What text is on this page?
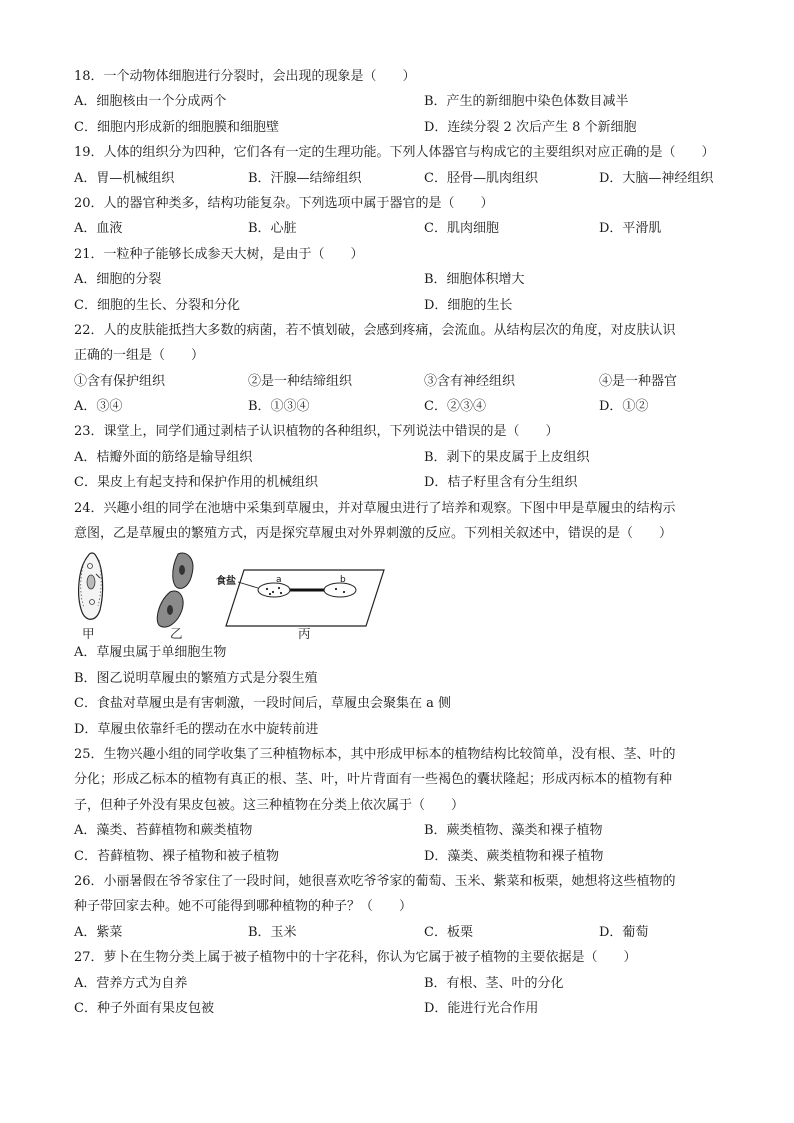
18．一个动物体细胞进行分裂时，会出现的现象是（　　）
A．细胞核由一个分成两个	B．产生的新细胞中染色体数目减半
C．细胞内形成新的细胞膜和细胞壁	D．连续分裂 2 次后产生 8 个新细胞
19．人体的组织分为四种，它们各有一定的生理功能。下列人体器官与构成它的主要组织对应正确的是（　　）
A．胃—机械组织	B．汗腺—结缔组织	C．胫骨—肌肉组织	D．大脑—神经组织
20．人的器官种类多，结构功能复杂。下列选项中属于器官的是（　　）
A．血液	B．心脏	C．肌肉细胞	D．平滑肌
21．一粒种子能够长成参天大树，是由于（　　）
A．细胞的分裂	B．细胞体积增大
C．细胞的生长、分裂和分化	D．细胞的生长
22．人的皮肤能抵挡大多数的病菌，若不慎划破，会感到疼痛，会流血。从结构层次的角度，对皮肤认识
正确的一组是（　　）
①含有保护组织	②是一种结缔组织	③含有神经组织	④是一种器官
A．③④	B．①③④	C．②③④	D．①②
23．课堂上，同学们通过剥桔子认识植物的各种组织，下列说法中错误的是（　　）
A．桔瓣外面的筋络是输导组织	B．剥下的果皮属于上皮组织
C．果皮上有起支持和保护作用的机械组织	D．桔子籽里含有分生组织
24．兴趣小组的同学在池塘中采集到草履虫，并对草履虫进行了培养和观察。下图中甲是草履虫的结构示
意图，乙是草履虫的繁殖方式，丙是探究草履虫对外界刺激的反应。下列相关叙述中，错误的是（　　）
食盐	a	b
甲	乙	丙
A．草履虫属于单细胞生物
B．图乙说明草履虫的繁殖方式是分裂生殖
C．食盐对草履虫是有害刺激，一段时间后，草履虫会聚集在 a 侧
D．草履虫依靠纤毛的摆动在水中旋转前进
25．生物兴趣小组的同学收集了三种植物标本，其中形成甲标本的植物结构比较简单，没有根、茎、叶的
分化；形成乙标本的植物有真正的根、茎、叶，叶片背面有一些褐色的囊状隆起；形成丙标本的植物有种
子，但种子外没有果皮包被。这三种植物在分类上依次属于（　　）
A．藻类、苔藓植物和蕨类植物	B．蕨类植物、藻类和裸子植物
C．苔藓植物、裸子植物和被子植物	D．藻类、蕨类植物和裸子植物
26．小丽暑假在爷爷家住了一段时间，她很喜欢吃爷爷家的葡萄、玉米、紫菜和板栗，她想将这些植物的
种子带回家去种。她不可能得到哪种植物的种子？（　　）
A．紫菜	B．玉米	C．板栗	D．葡萄
27．萝卜在生物分类上属于被子植物中的十字花科，你认为它属于被子植物的主要依据是（　　）
A．营养方式为自养	B．有根、茎、叶的分化
C．种子外面有果皮包被	D．能进行光合作用
